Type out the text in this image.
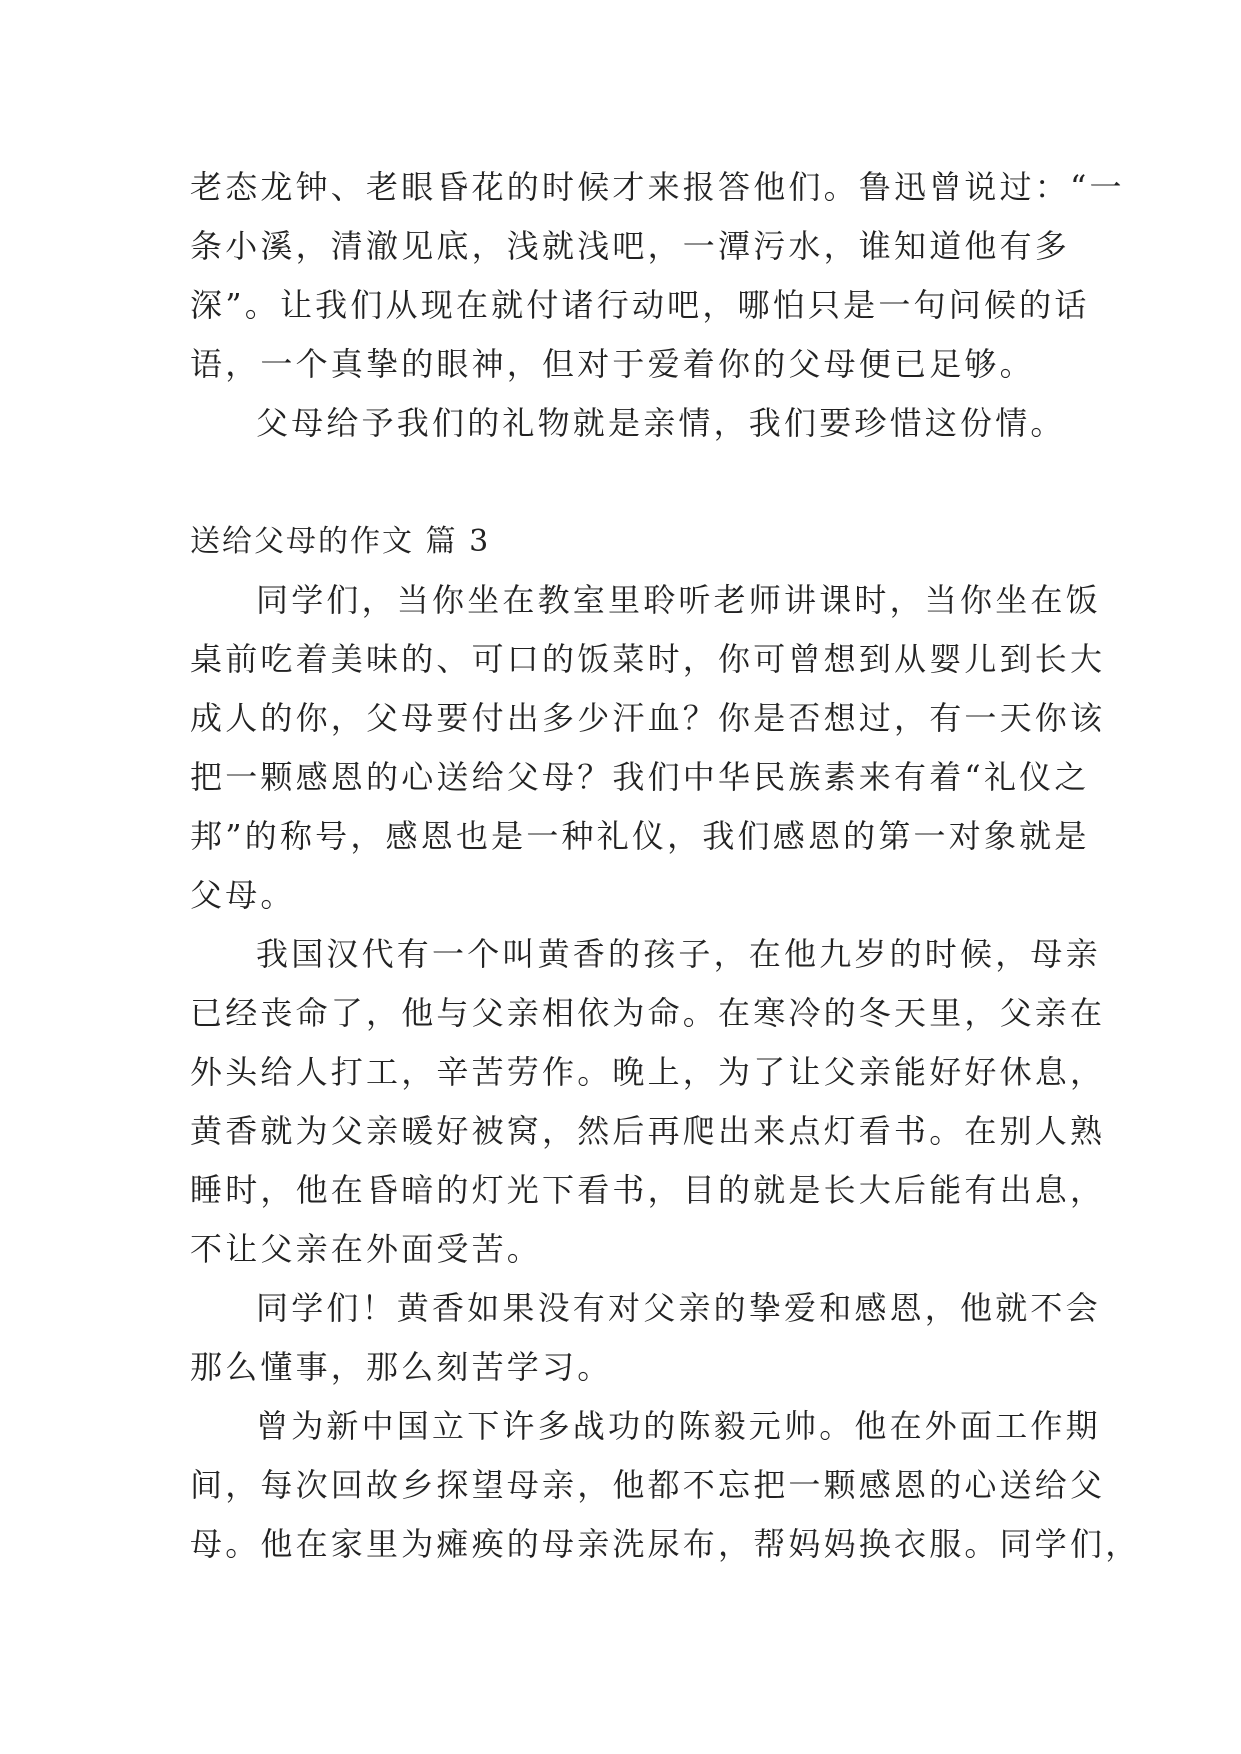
老态龙钟、老眼昏花的时候才来报答他们。鲁迅曾说过：“一
条小溪，清澈见底，浅就浅吧，一潭污水，谁知道他有多
深”。让我们从现在就付诸行动吧，哪怕只是一句问候的话
语，一个真挚的眼神，但对于爱着你的父母便已足够。
父母给予我们的礼物就是亲情，我们要珍惜这份情。
送给父母的作文 篇 3
同学们，当你坐在教室里聆听老师讲课时，当你坐在饭
桌前吃着美味的、可口的饭菜时，你可曾想到从婴儿到长大
成人的你，父母要付出多少汗血？你是否想过，有一天你该
把一颗感恩的心送给父母？我们中华民族素来有着“礼仪之
邦”的称号，感恩也是一种礼仪，我们感恩的第一对象就是
父母。
我国汉代有一个叫黄香的孩子，在他九岁的时候，母亲
已经丧命了，他与父亲相依为命。在寒冷的冬天里，父亲在
外头给人打工，辛苦劳作。晚上，为了让父亲能好好休息，
黄香就为父亲暖好被窝，然后再爬出来点灯看书。在别人熟
睡时，他在昏暗的灯光下看书，目的就是长大后能有出息，
不让父亲在外面受苦。
同学们！黄香如果没有对父亲的挚爱和感恩，他就不会
那么懂事，那么刻苦学习。
曾为新中国立下许多战功的陈毅元帅。他在外面工作期
间，每次回故乡探望母亲，他都不忘把一颗感恩的心送给父
母。他在家里为瘫痪的母亲洗尿布，帮妈妈换衣服。同学们，
